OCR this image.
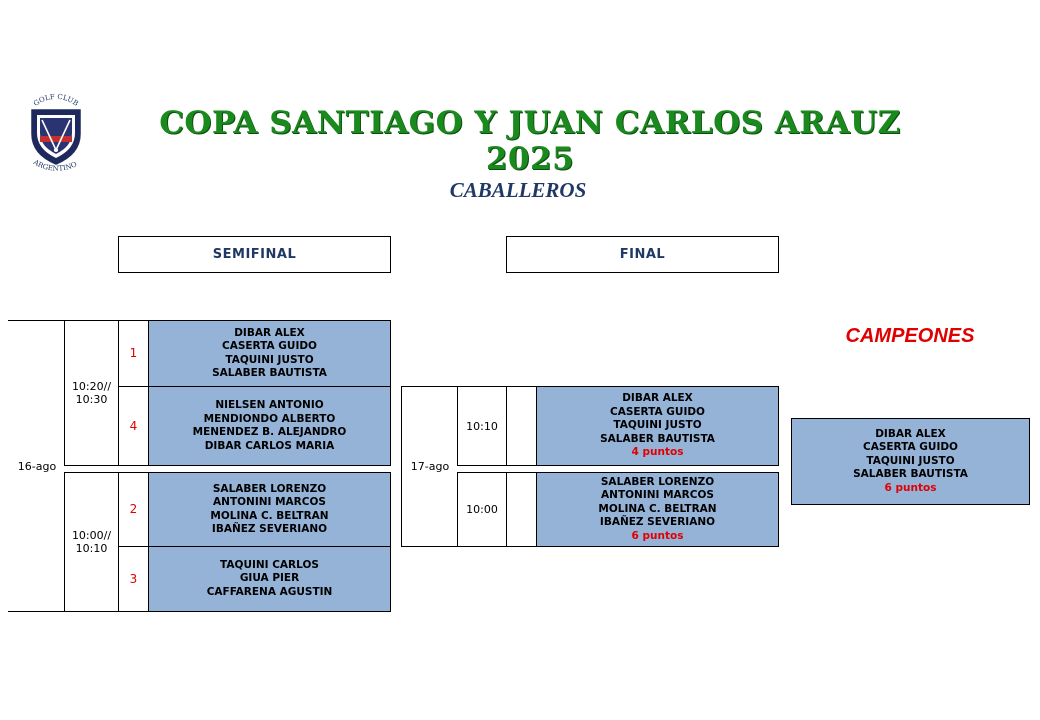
GOLF CLUB
ARGENTINO
COPA SANTIAGO Y JUAN CARLOS ARAUZ 2025
CABALLEROS
SEMIFINAL	FINAL
16-ago
10:20// 10:30
1
DIBAR ALEX
CASERTA GUIDO
TAQUINI JUSTO
SALABER BAUTISTA
4
NIELSEN ANTONIO
MENDIONDO ALBERTO
MENENDEZ B. ALEJANDRO
DIBAR CARLOS MARIA
10:00// 10:10
2
SALABER LORENZO
ANTONINI MARCOS
MOLINA C. BELTRAN
IBAÑEZ SEVERIANO
3
TAQUINI CARLOS
GIUA PIER
CAFFARENA AGUSTIN
17-ago
10:10
DIBAR ALEX
CASERTA GUIDO
TAQUINI JUSTO
SALABER BAUTISTA
4 puntos
10:00
SALABER LORENZO
ANTONINI MARCOS
MOLINA C. BELTRAN
IBAÑEZ SEVERIANO
6 puntos
CAMPEONES
DIBAR ALEX
CASERTA GUIDO
TAQUINI JUSTO
SALABER BAUTISTA
6 puntos
